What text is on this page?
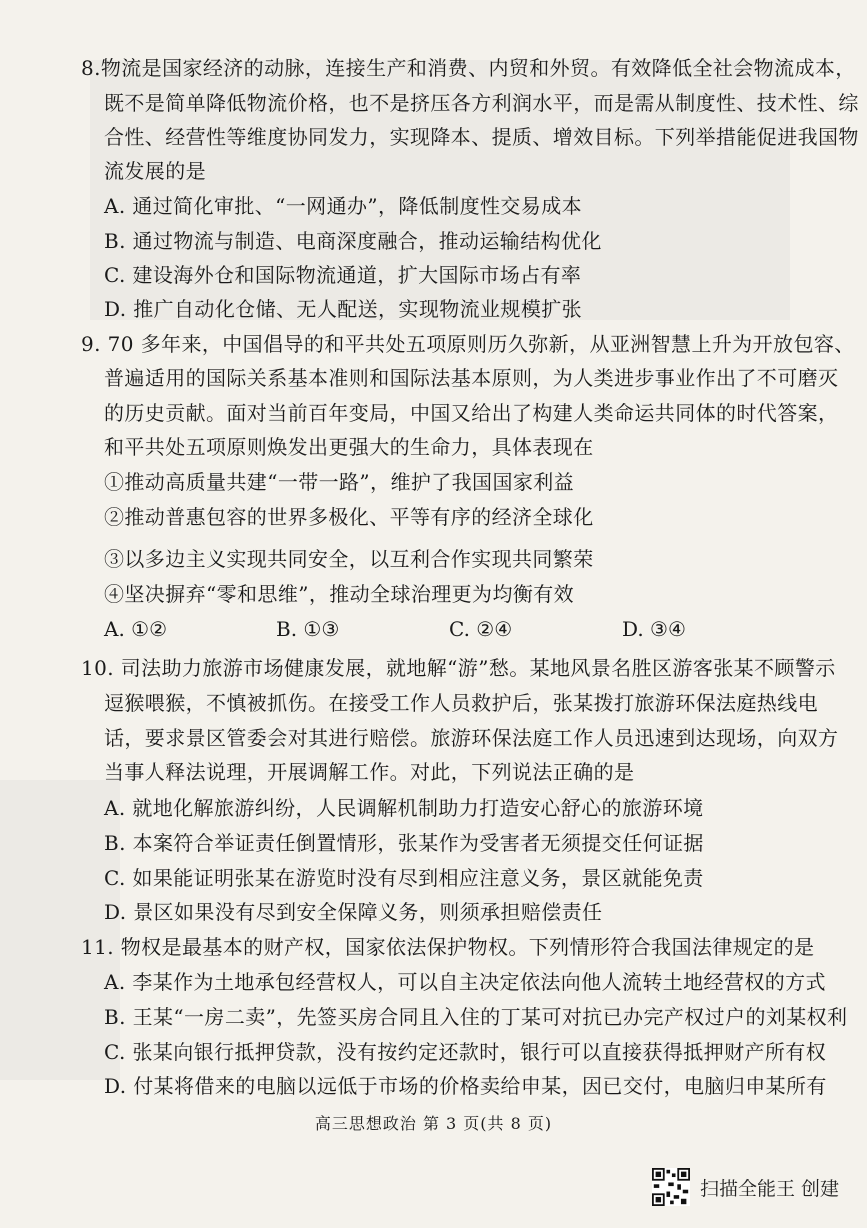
8.物流是国家经济的动脉，连接生产和消费、内贸和外贸。有效降低全社会物流成本，
既不是简单降低物流价格，也不是挤压各方利润水平，而是需从制度性、技术性、综
合性、经营性等维度协同发力，实现降本、提质、增效目标。下列举措能促进我国物
流发展的是
A. 通过简化审批、“一网通办”，降低制度性交易成本
B. 通过物流与制造、电商深度融合，推动运输结构优化
C. 建设海外仓和国际物流通道，扩大国际市场占有率
D. 推广自动化仓储、无人配送，实现物流业规模扩张
9. 70 多年来，中国倡导的和平共处五项原则历久弥新，从亚洲智慧上升为开放包容、
普遍适用的国际关系基本准则和国际法基本原则，为人类进步事业作出了不可磨灭
的历史贡献。面对当前百年变局，中国又给出了构建人类命运共同体的时代答案，
和平共处五项原则焕发出更强大的生命力，具体表现在
①推动高质量共建“一带一路”，维护了我国国家利益
②推动普惠包容的世界多极化、平等有序的经济全球化
③以多边主义实现共同安全，以互利合作实现共同繁荣
④坚决摒弃“零和思维”，推动全球治理更为均衡有效
A. ①②	B. ①③	C. ②④	D. ③④
10. 司法助力旅游市场健康发展，就地解“游”愁。某地风景名胜区游客张某不顾警示
逗猴喂猴，不慎被抓伤。在接受工作人员救护后，张某拨打旅游环保法庭热线电
话，要求景区管委会对其进行赔偿。旅游环保法庭工作人员迅速到达现场，向双方
当事人释法说理，开展调解工作。对此，下列说法正确的是
A. 就地化解旅游纠纷，人民调解机制助力打造安心舒心的旅游环境
B. 本案符合举证责任倒置情形，张某作为受害者无须提交任何证据
C. 如果能证明张某在游览时没有尽到相应注意义务，景区就能免责
D. 景区如果没有尽到安全保障义务，则须承担赔偿责任
11. 物权是最基本的财产权，国家依法保护物权。下列情形符合我国法律规定的是
A. 李某作为土地承包经营权人，可以自主决定依法向他人流转土地经营权的方式
B. 王某“一房二卖”，先签买房合同且入住的丁某可对抗已办完产权过户的刘某权利
C. 张某向银行抵押贷款，没有按约定还款时，银行可以直接获得抵押财产所有权
D. 付某将借来的电脑以远低于市场的价格卖给申某，因已交付，电脑归申某所有
高三思想政治 第 3 页(共 8 页)
扫描全能王 创建
